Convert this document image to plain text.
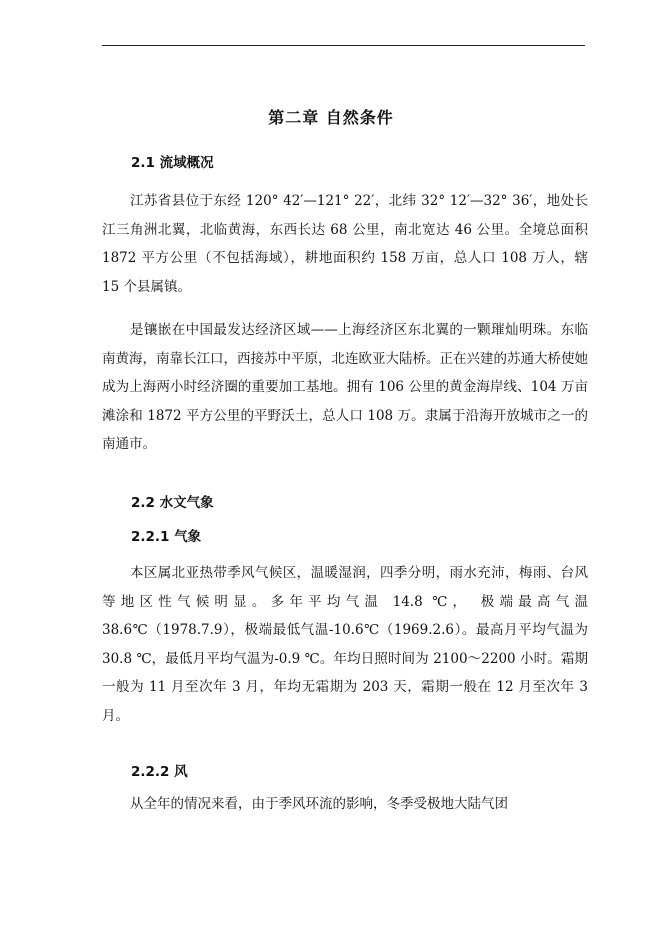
第二章 自然条件
2.1 流域概况

江苏省县位于东经 120° 42′—121° 22′，北纬 32° 12′—32° 36′，地处长江三角洲北翼，北临黄海，东西长达 68 公里，南北宽达 46 公里。全境总面积 1872 平方公里（不包括海域），耕地面积约 158 万亩，总人口 108 万人，辖 15 个县属镇。

是镶嵌在中国最发达经济区域——上海经济区东北翼的一颗璀灿明珠。东临南黄海，南靠长江口，西接苏中平原，北连欧亚大陆桥。正在兴建的苏通大桥使她成为上海两小时经济圈的重要加工基地。拥有 106 公里的黄金海岸线、104 万亩滩涂和 1872 平方公里的平野沃土，总人口 108 万。隶属于沿海开放城市之一的南通市。

2.2 水文气象
2.2.1 气象

本区属北亚热带季风气候区，温暖湿润，四季分明，雨水充沛，梅雨、台风等地区性气候明显。多年平均气温 14.8 ℃， 极端最高气温 38.6℃（1978.7.9），极端最低气温-10.6℃（1969.2.6）。最高月平均气温为 30.8 ℃，最低月平均气温为-0.9 ℃。年均日照时间为 2100～2200 小时。霜期一般为 11 月至次年 3 月，年均无霜期为 203 天，霜期一般在 12 月至次年 3 月。

2.2.2 风

从全年的情况来看，由于季风环流的影响，冬季受极地大陆气团
